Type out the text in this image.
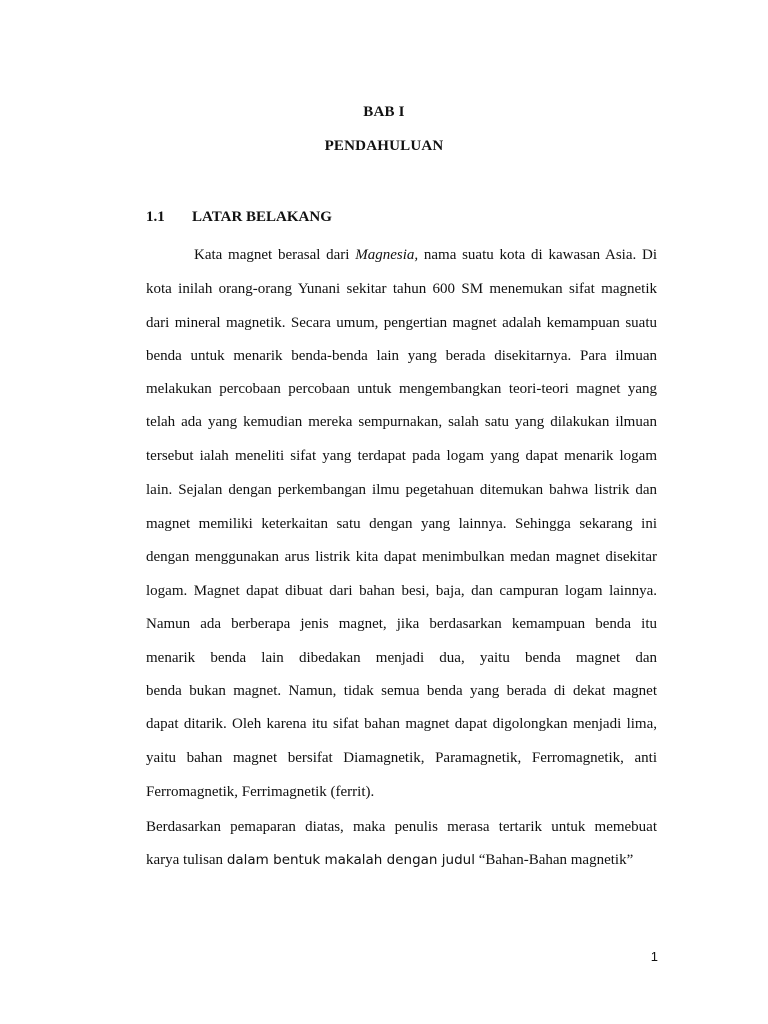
BAB I
PENDAHULUAN
1.1 LATAR BELAKANG
Kata magnet berasal dari Magnesia, nama suatu kota di kawasan Asia. Di
kota inilah orang-orang Yunani sekitar tahun 600 SM menemukan sifat magnetik
dari mineral magnetik. Secara umum, pengertian magnet adalah kemampuan suatu
benda untuk menarik benda-benda lain yang berada disekitarnya. Para ilmuan
melakukan percobaan percobaan untuk mengembangkan teori-teori magnet yang
telah ada yang kemudian mereka sempurnakan, salah satu yang dilakukan ilmuan
tersebut ialah meneliti sifat yang terdapat pada logam yang dapat menarik logam
lain. Sejalan dengan perkembangan ilmu pegetahuan ditemukan bahwa listrik dan
magnet memiliki keterkaitan satu dengan yang lainnya. Sehingga sekarang ini
dengan menggunakan arus listrik kita dapat menimbulkan medan magnet disekitar
logam. Magnet dapat dibuat dari bahan besi, baja, dan campuran logam lainnya.
Namun ada berberapa jenis magnet, jika berdasarkan kemampuan benda itu
menarik benda lain dibedakan menjadi dua, yaitu benda magnet dan
benda bukan magnet. Namun, tidak semua benda yang berada di dekat magnet
dapat ditarik. Oleh karena itu sifat bahan magnet dapat digolongkan menjadi lima,
yaitu bahan magnet bersifat Diamagnetik, Paramagnetik, Ferromagnetik, anti
Ferromagnetik, Ferrimagnetik (ferrit).
Berdasarkan pemaparan diatas, maka penulis merasa tertarik untuk memebuat
karya tulisan dalam bentuk makalah dengan judul “Bahan-Bahan magnetik”
1
